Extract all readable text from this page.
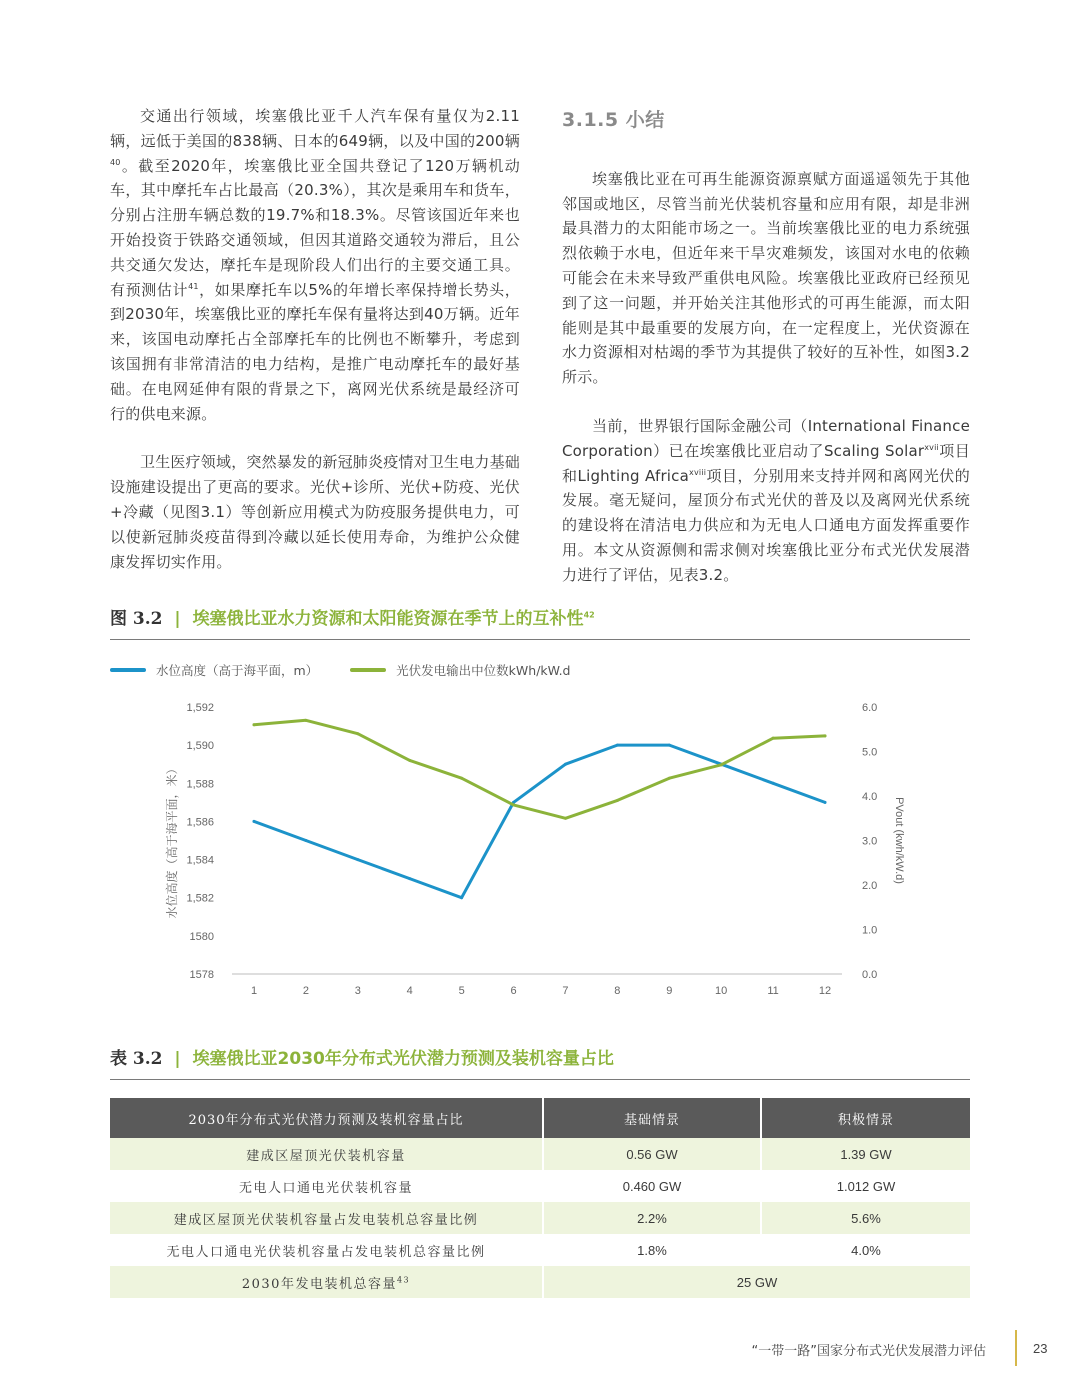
交通出行领域，埃塞俄比亚千人汽车保有量仅为2.11辆，远低于美国的838辆、日本的649辆，以及中国的200辆$^{40}$。截至2020年，埃塞俄比亚全国共登记了120万辆机动车，其中摩托车占比最高（20.3%），其次是乘用车和货车，分别占注册车辆总数的19.7%和18.3%。尽管该国近年来也开始投资于铁路交通领域，但因其道路交通较为滞后，且公共交通欠发达，摩托车是现阶段人们出行的主要交通工具。有预测估计$^{41}$，如果摩托车以5%的年增长率保持增长势头，到2030年，埃塞俄比亚的摩托车保有量将达到40万辆。近年来，该国电动摩托占全部摩托车的比例也不断攀升，考虑到该国拥有非常清洁的电力结构，是推广电动摩托车的最好基础。在电网延伸有限的背景之下，离网光伏系统是最经济可行的供电来源。

卫生医疗领域，突然暴发的新冠肺炎疫情对卫生电力基础设施建设提出了更高的要求。光伏+诊所、光伏+防疫、光伏+冷藏（见图3.1）等创新应用模式为防疫服务提供电力，可以使新冠肺炎疫苗得到冷藏以延长使用寿命，为维护公众健康发挥切实作用。

3.1.5 小结

埃塞俄比亚在可再生能源资源禀赋方面遥遥领先于其他邻国或地区，尽管当前光伏装机容量和应用有限，却是非洲最具潜力的太阳能市场之一。当前埃塞俄比亚的电力系统强烈依赖于水电，但近年来干旱灾难频发，该国对水电的依赖可能会在未来导致严重供电风险。埃塞俄比亚政府已经预见到了这一问题，并开始关注其他形式的可再生能源，而太阳能则是其中最重要的发展方向，在一定程度上，光伏资源在水力资源相对枯竭的季节为其提供了较好的互补性，如图3.2所示。

当前，世界银行国际金融公司（International Finance Corporation）已在埃塞俄比亚启动了Scaling Solar$^{xvii}$项目和Lighting Africa$^{xviii}$项目，分别用来支持并网和离网光伏的发展。毫无疑问，屋顶分布式光伏的普及以及离网光伏系统的建设将在清洁电力供应和为无电人口通电方面发挥重要作用。本文从资源侧和需求侧对埃塞俄比亚分布式光伏发展潜力进行了评估，见表3.2。

图 3.2 | 埃塞俄比亚水力资源和太阳能资源在季节上的互补性$^{42}$
水位高度（高于海平面，m）
	光伏发电输出中位数kWh/kW.d
1,592
1,590
1,588
1,586
1,584
1,582
1580
1578
6.0
5.0
4.0
3.0
2.0
1.0
0.0
1	2	3	4	5	6	7	8	9	10	11	12
水位高度（高于海平面，米）	PVout (kwh/kW.d)
表 3.2 | 埃塞俄比亚2030年分布式光伏潜力预测及装机容量占比
2030年分布式光伏潜力预测及装机容量占比	基础情景	积极情景
建成区屋顶光伏装机容量	0.56 GW	1.39 GW
无电人口通电光伏装机容量	0.460 GW	1.012 GW
建成区屋顶光伏装机容量占发电装机总容量比例	2.2%	5.6%
无电人口通电光伏装机容量占发电装机总容量比例	1.8%	4.0%
2030年发电装机总容量$^{43}$	25 GW	
“一带一路”国家分布式光伏发展潜力评估	23
